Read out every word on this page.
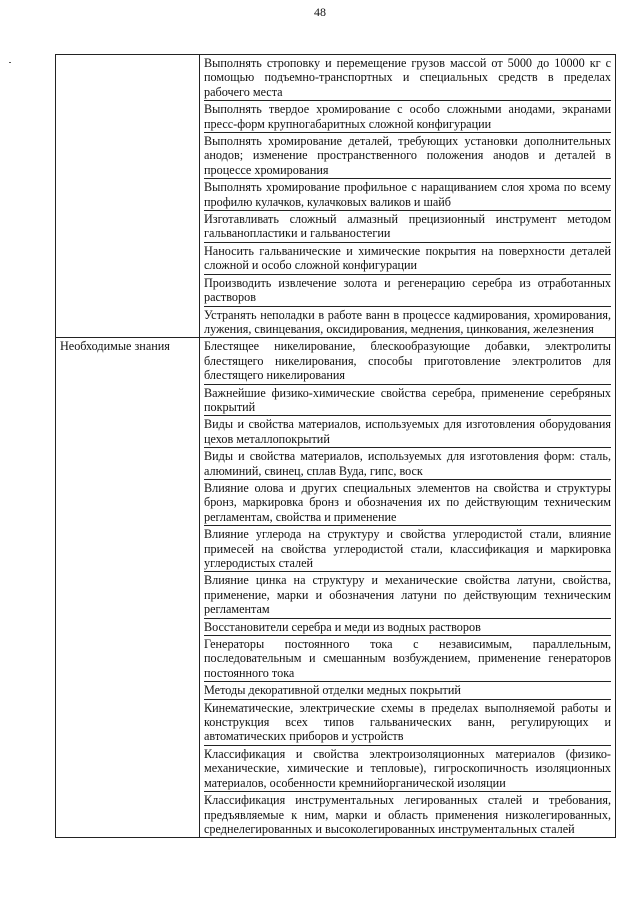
48
Выполнять строповку и перемещение грузов массой от 5000 до 10000 кг с помощью подъемно-транспортных и специальных средств в пределах рабочего места
Выполнять твердое хромирование с особо сложными анодами, экранами пресс-форм крупногабаритных сложной конфигурации
Выполнять хромирование деталей, требующих установки дополнительных анодов; изменение пространственного положения анодов и деталей в процессе хромирования
Выполнять хромирование профильное с наращиванием слоя хрома по всему профилю кулачков, кулачковых валиков и шайб
Изготавливать сложный алмазный прецизионный инструмент методом гальванопластики и гальваностегии
Наносить гальванические и химические покрытия на поверхности деталей сложной и особо сложной конфигурации
Производить извлечение золота и регенерацию серебра из отработанных растворов
Устранять неполадки в работе ванн в процессе кадмирования, хромирования, лужения, свинцевания, оксидирования, меднения, цинкования, железнения
Необходимые знания	Блестящее никелирование, блескообразующие добавки, электролиты блестящего никелирования, способы приготовление электролитов для блестящего никелирования
Важнейшие физико-химические свойства серебра, применение серебряных покрытий
Виды и свойства материалов, используемых для изготовления оборудования цехов металлопокрытий
Виды и свойства материалов, используемых для изготовления форм: сталь, алюминий, свинец, сплав Вуда, гипс, воск
Влияние олова и других специальных элементов на свойства и структуры бронз, маркировка бронз и обозначения их по действующим техническим регламентам, свойства и применение
Влияние углерода на структуру и свойства углеродистой стали, влияние примесей на свойства углеродистой стали, классификация и маркировка углеродистых сталей
Влияние цинка на структуру и механические свойства латуни, свойства, применение, марки и обозначения латуни по действующим техническим регламентам
Восстановители серебра и меди из водных растворов
Генераторы постоянного тока с независимым, параллельным, последовательным и смешанным возбуждением, применение генераторов постоянного тока
Методы декоративной отделки медных покрытий
Кинематические, электрические схемы в пределах выполняемой работы и конструкция всех типов гальванических ванн, регулирующих и автоматических приборов и устройств
Классификация и свойства электроизоляционных материалов (физико-механические, химические и тепловые), гигроскопичность изоляционных материалов, особенности кремнийорганической изоляции
Классификация инструментальных легированных сталей и требования, предъявляемые к ним, марки и область применения низколегированных, среднелегированных и высоколегированных инструментальных сталей
